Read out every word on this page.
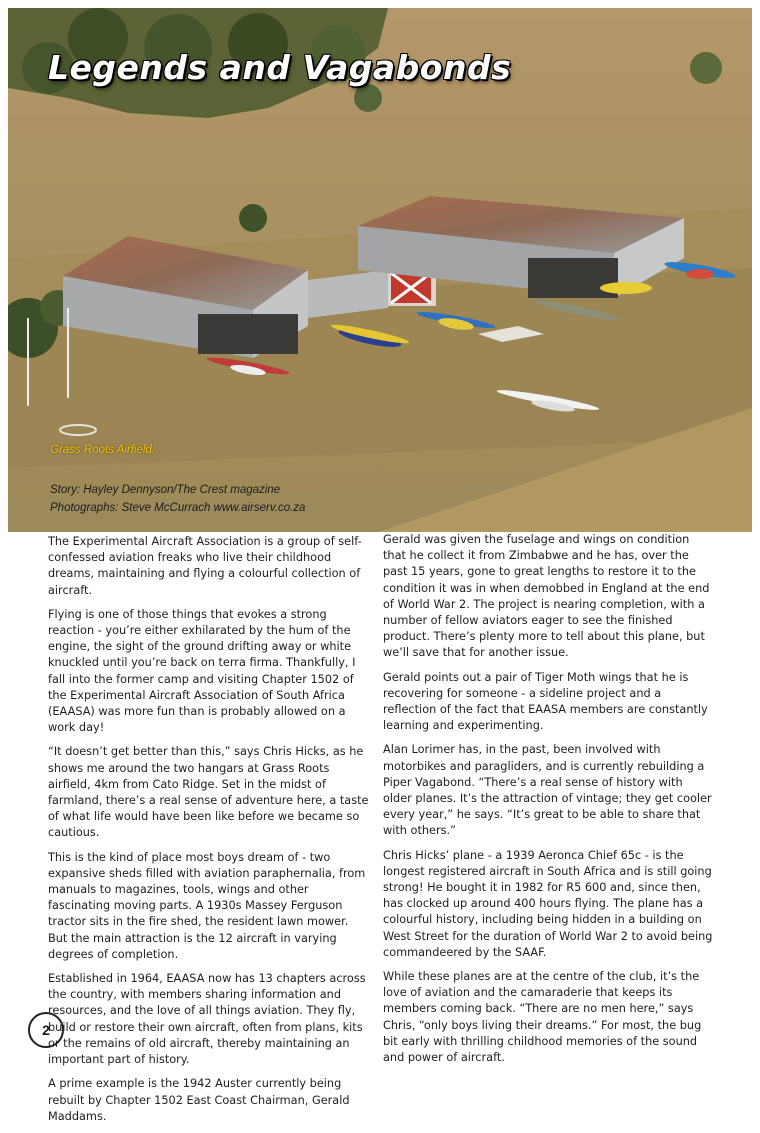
Legends and Vagabonds
Grass Roots Airfield.
Story: Hayley Dennyson/The Crest magazine
Photographs: Steve McCurrach www.airserv.co.za

The Experimental Aircraft Association is a group of self-confessed aviation freaks who live their childhood dreams, maintaining and flying a colourful collection of aircraft.

Flying is one of those things that evokes a strong reaction - you’re either exhilarated by the hum of the engine, the sight of the ground drifting away or white knuckled until you’re back on terra firma. Thankfully, I fall into the former camp and visiting Chapter 1502 of the Experimental Aircraft Association of South Africa (EAASA) was more fun than is probably allowed on a work day!

“It doesn’t get better than this,” says Chris Hicks, as he shows me around the two hangars at Grass Roots airfield, 4km from Cato Ridge. Set in the midst of farmland, there’s a real sense of adventure here, a taste of what life would have been like before we became so cautious.

This is the kind of place most boys dream of - two expansive sheds filled with aviation paraphernalia, from manuals to magazines, tools, wings and other fascinating moving parts. A 1930s Massey Ferguson tractor sits in the fire shed, the resident lawn mower. But the main attraction is the 12 aircraft in varying degrees of completion.

Established in 1964, EAASA now has 13 chapters across the country, with members sharing information and resources, and the love of all things aviation. They fly, build or restore their own aircraft, often from plans, kits or the remains of old aircraft, thereby maintaining an important part of history.

A prime example is the 1942 Auster currently being rebuilt by Chapter 1502 East Coast Chairman, Gerald Maddams.

Gerald was given the fuselage and wings on condition that he collect it from Zimbabwe and he has, over the past 15 years, gone to great lengths to restore it to the condition it was in when demobbed in England at the end of World War 2. The project is nearing completion, with a number of fellow aviators eager to see the finished product. There’s plenty more to tell about this plane, but we’ll save that for another issue.

Gerald points out a pair of Tiger Moth wings that he is recovering for someone - a sideline project and a reflection of the fact that EAASA members are constantly learning and experimenting.

Alan Lorimer has, in the past, been involved with motorbikes and paragliders, and is currently rebuilding a Piper Vagabond. “There’s a real sense of history with older planes. It’s the attraction of vintage; they get cooler every year,” he says. “It’s great to be able to share that with others.”

Chris Hicks’ plane - a 1939 Aeronca Chief 65c - is the longest registered aircraft in South Africa and is still going strong! He bought it in 1982 for R5 600 and, since then, has clocked up around 400 hours flying. The plane has a colourful history, including being hidden in a building on West Street for the duration of World War 2 to avoid being commandeered by the SAAF.

While these planes are at the centre of the club, it’s the love of aviation and the camaraderie that keeps its members coming back. “There are no men here,” says Chris, “only boys living their dreams.” For most, the bug bit early with thrilling childhood memories of the sound and power of aircraft.

2
